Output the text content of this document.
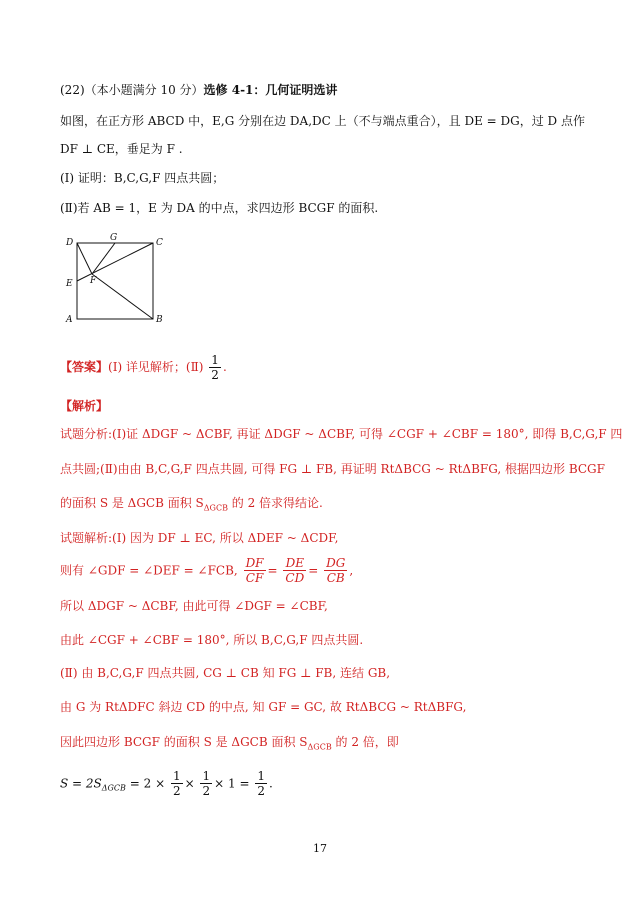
(22)（本小题满分 10 分）选修 4-1：几何证明选讲
如图，在正方形 ABCD 中，E,G 分别在边 DA,DC 上（不与端点重合），且 DE = DG，过 D 点作
DF ⊥ CE，垂足为 F .
(Ⅰ) 证明：B,C,G,F 四点共圆；
(Ⅱ)若 AB = 1，E 为 DA 的中点，求四边形 BCGF 的面积.
D	G	C
E F
A	B
【答案】(Ⅰ) 详见解析；(Ⅱ) $\frac{1}{2}$ .
【解析】
试题分析:(Ⅰ)证 ΔDGF ~ ΔCBF, 再证 ΔDGF ~ ΔCBF, 可得 ∠CGF + ∠CBF = 180°, 即得 B,C,G,F 四
点共圆;(Ⅱ)由由 B,C,G,F 四点共圆, 可得 FG ⊥ FB, 再证明 RtΔBCG ~ RtΔBFG, 根据四边形 BCGF
的面积 S 是 ΔGCB 面积 $S_{\Delta GCB}$ 的 2 倍求得结论.
试题解析:(Ⅰ) 因为 DF ⊥ EC, 所以 ΔDEF ~ ΔCDF,
则有 ∠GDF = ∠DEF = ∠FCB, $\frac{DF}{CF} = \frac{DE}{CD} = \frac{DG}{CB}$ ,
所以 ΔDGF ~ ΔCBF, 由此可得 ∠DGF = ∠CBF,
由此 ∠CGF + ∠CBF = 180°, 所以 B,C,G,F 四点共圆.
(Ⅱ) 由 B,C,G,F 四点共圆, CG ⊥ CB 知 FG ⊥ FB, 连结 GB,
由 G 为 RtΔDFC 斜边 CD 的中点, 知 GF = GC, 故 RtΔBCG ~ RtΔBFG,
因此四边形 BCGF 的面积 S 是 ΔGCB 面积 $S_{\Delta GCB}$ 的 2 倍，即
$S = 2S_{\Delta GCB} = 2 \times \frac{1}{2} \times \frac{1}{2} \times 1 = \frac{1}{2}$ .
17
